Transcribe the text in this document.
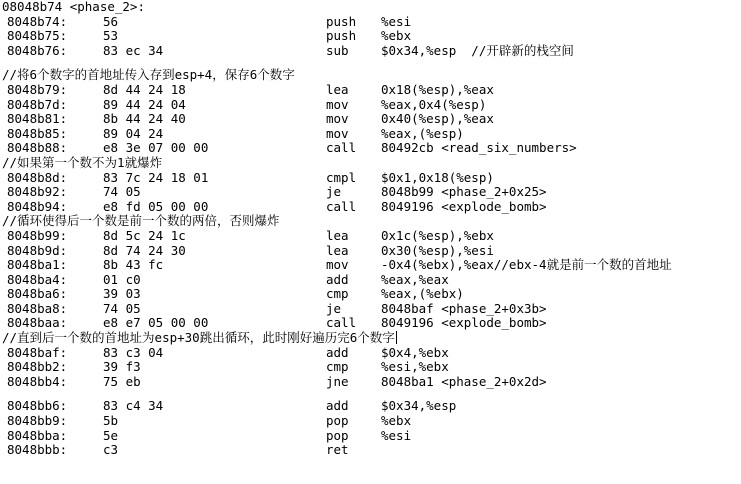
08048b74 <phase_2>:

8048b74:	56	push %esi
8048b75:	53	push %ebx
8048b76:	83 ec 34	sub	$0x34,%esp  //开辟新的栈空间
//将6个数字的首地址传入存到esp+4，保存6个数字
8048b79:	8d 44 24 18	lea	0x18(%esp),%eax
8048b7d:	89 44 24 04	mov	%eax,0x4(%esp)
8048b81:	8b 44 24 40	mov	0x40(%esp),%eax
8048b85:	89 04 24	mov	%eax,(%esp)
8048b88:	e8 3e 07 00 00	call 80492cb <read_six_numbers>
//如果第一个数不为1就爆炸
8048b8d:	83 7c 24 18 01	cmpl $0x1,0x18(%esp)
8048b92:	74 05	je	8048b99 <phase_2+0x25>
8048b94:	e8 fd 05 00 00	call 8049196 <explode_bomb>
//循环使得后一个数是前一个数的两倍，否则爆炸
8048b99:	8d 5c 24 1c	lea	0x1c(%esp),%ebx
8048b9d:	8d 74 24 30	lea	0x30(%esp),%esi
8048ba1:	8b 43 fc	mov	-0x4(%ebx),%eax//ebx-4就是前一个数的首地址
8048ba4:	01 c0	add	%eax,%eax
8048ba6:	39 03	cmp	%eax,(%ebx)
8048ba8:	74 05	je	8048baf <phase_2+0x3b>
8048baa:	e8 e7 05 00 00	call 8049196 <explode_bomb>
//直到后一个数的首地址为esp+30跳出循环，此时刚好遍历完6个数字
8048baf:	83 c3 04	add	$0x4,%ebx
8048bb2:	39 f3	cmp	%esi,%ebx
8048bb4:	75 eb	jne	8048ba1 <phase_2+0x2d>
8048bb6:	83 c4 34	add	$0x34,%esp
8048bb9:	5b	pop	%ebx
8048bba:	5e	pop	%esi
8048bbb:	c3	ret
